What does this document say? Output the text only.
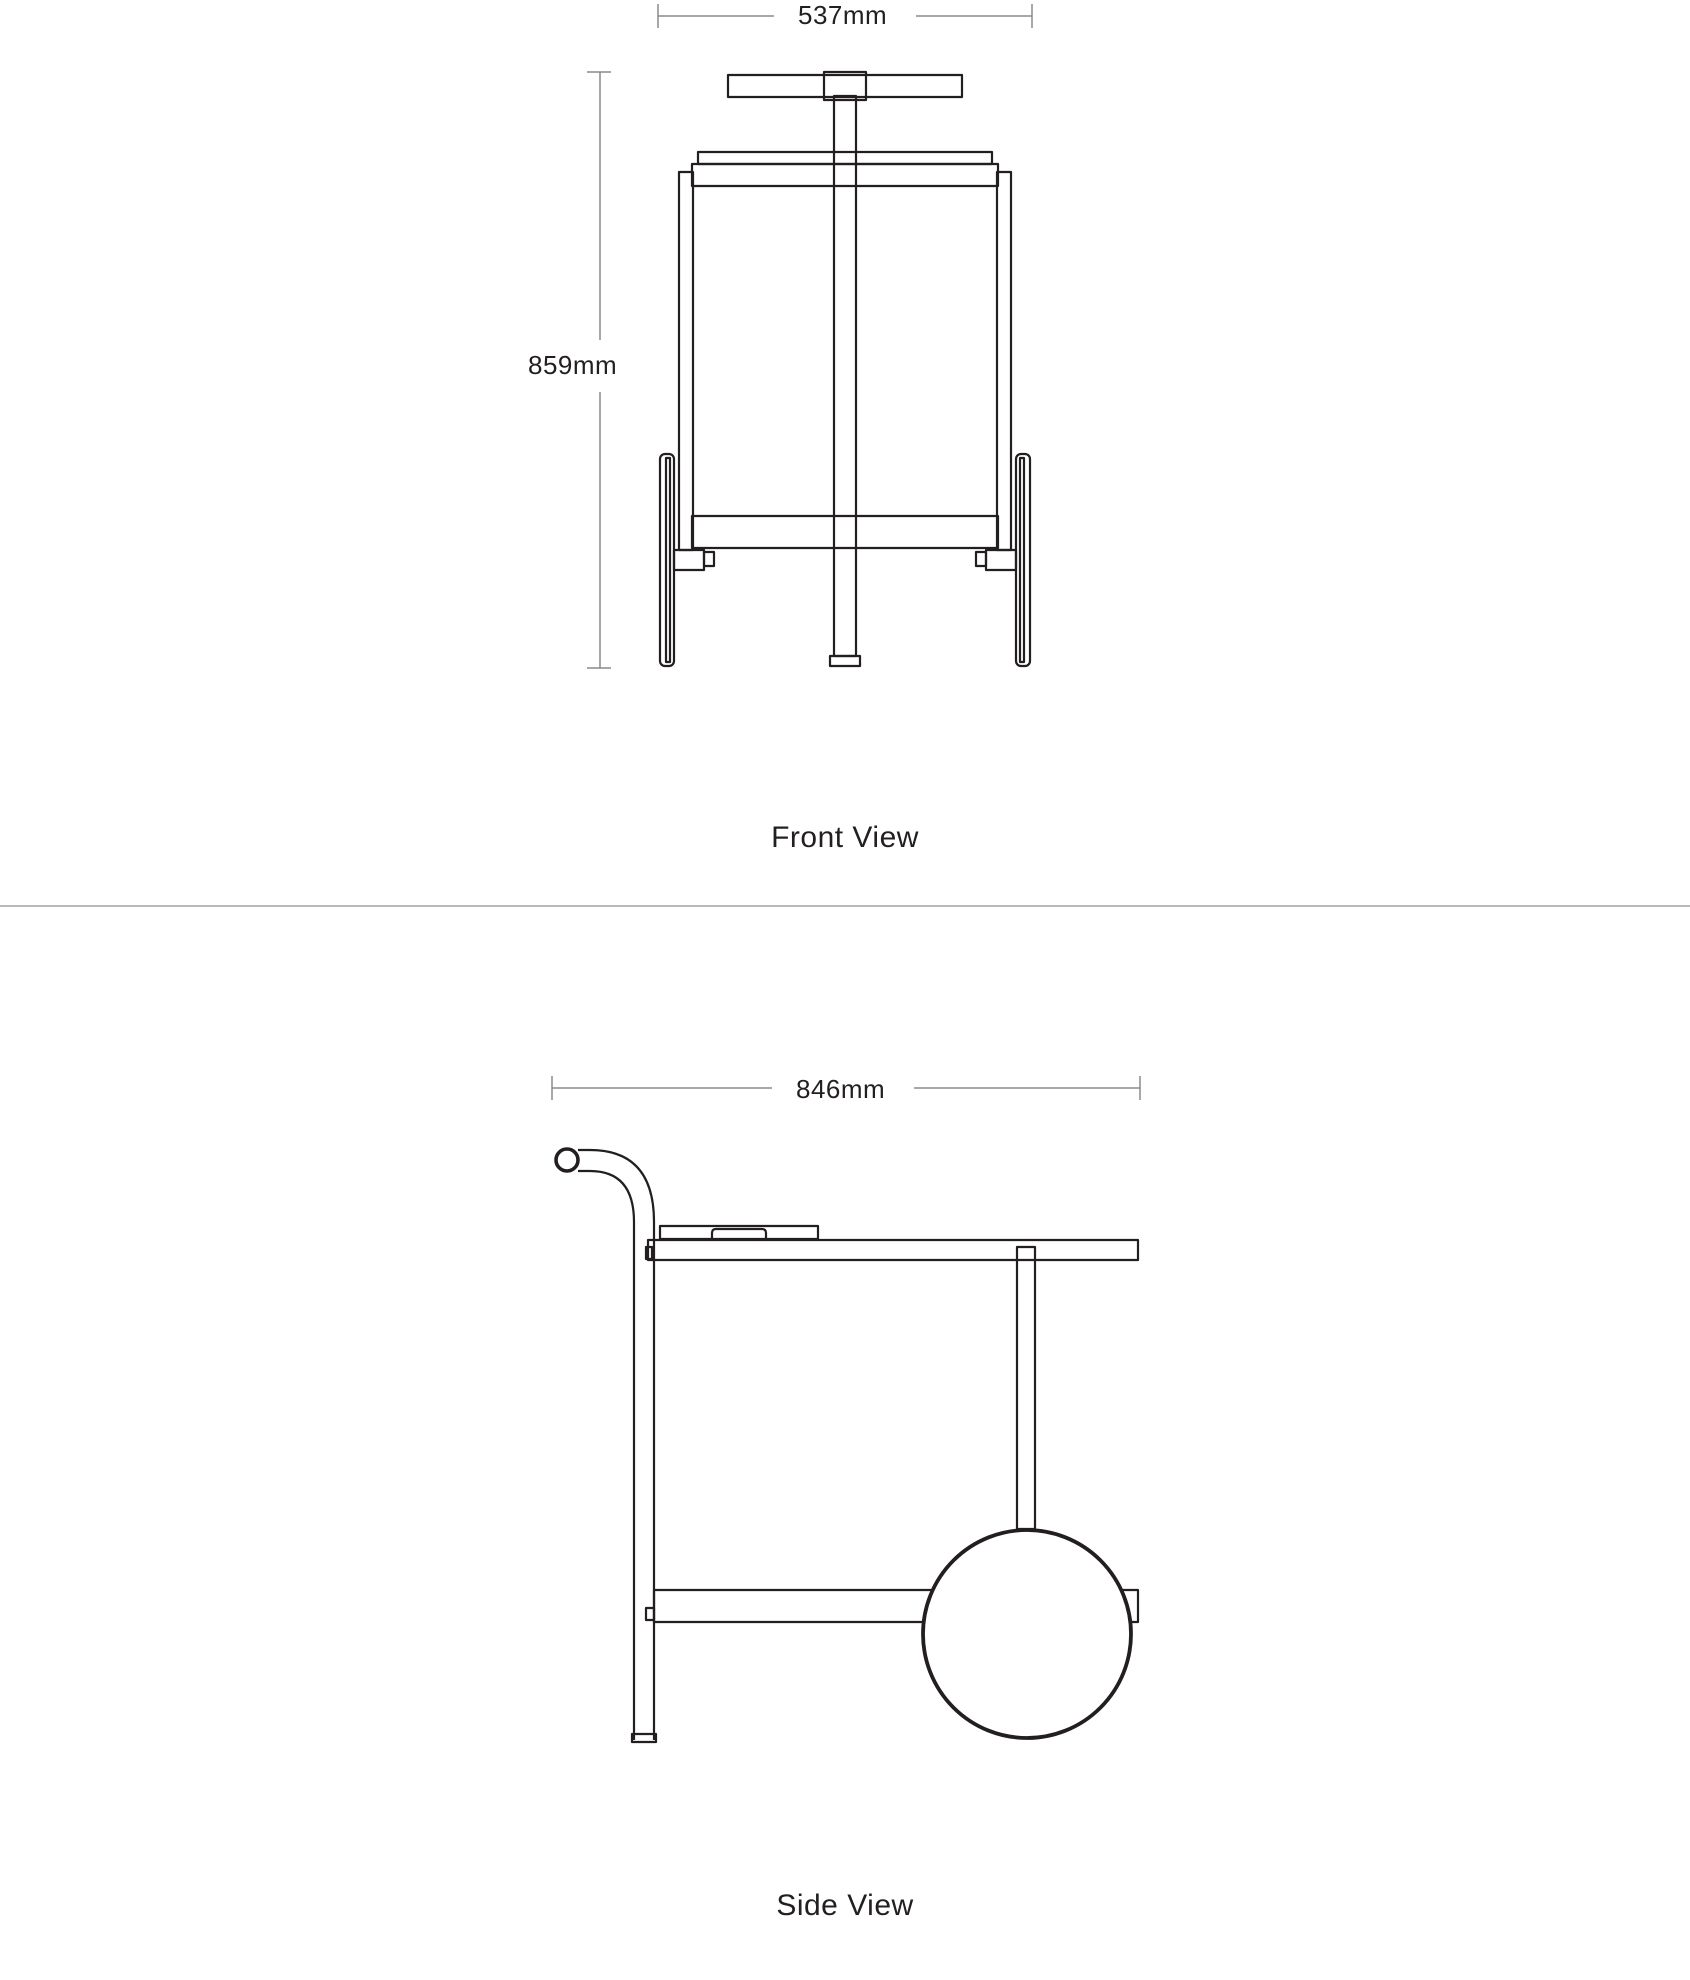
537mm
859mm
Front View
846mm
Side View
